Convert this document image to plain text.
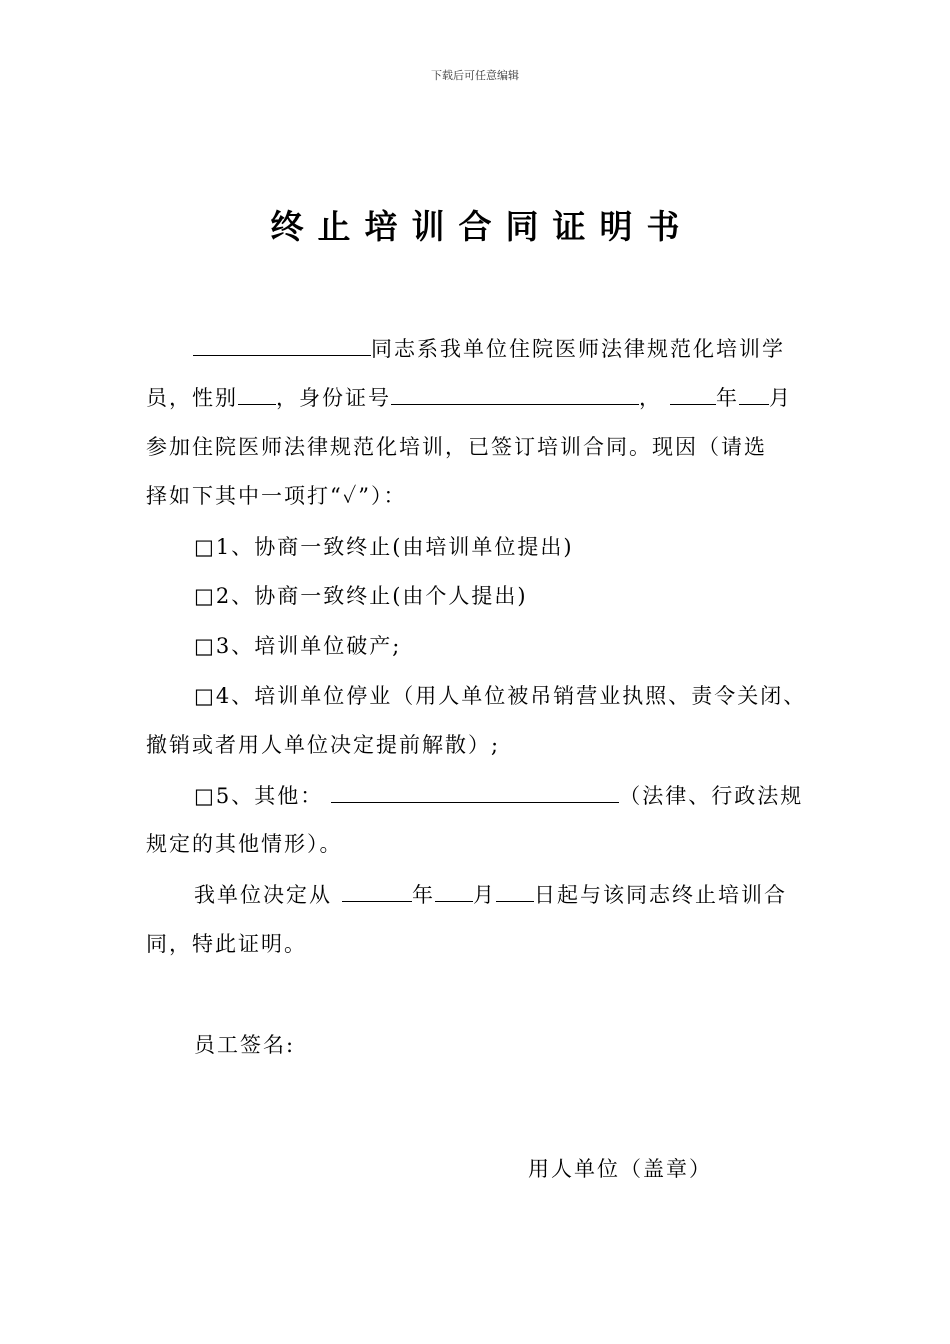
下载后可任意编辑
终止培训合同证明书
同志系我单位住院医师法律规范化培训学
员，性别 ，身份证号	，	年 月
参加住院医师法律规范化培训，已签订培训合同。现因（请选
择如下其中一项打“✓”）：
□1、协商一致终止(由培训单位提出)
□2、协商一致终止(由个人提出)
□3、培训单位破产;
□4、培训单位停业（用人单位被吊销营业执照、责令关闭、
撤销或者用人单位决定提前解散）;
□5、其他：	（法律、行政法规
规定的其他情形）。
我单位决定从	年 月 日起与该同志终止培训合
同，特此证明。
员工签名:
用人单位（盖章）
